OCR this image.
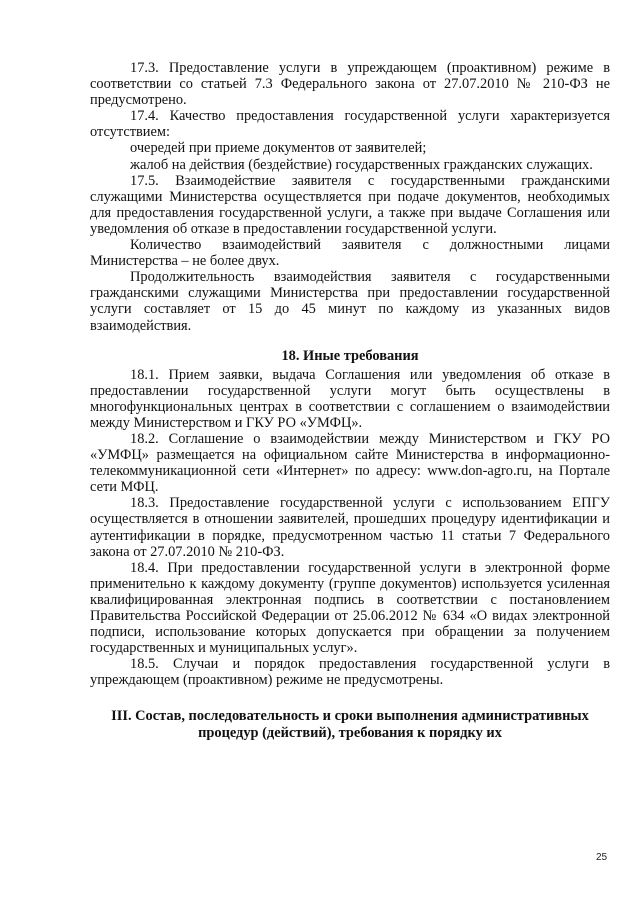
17.3. Предоставление услуги в упреждающем (проактивном) режиме в соответствии со статьей 7.3 Федерального закона от 27.07.2010 № 210-ФЗ не предусмотрено.

17.4. Качество предоставления государственной услуги характеризуется отсутствием:

очередей при приеме документов от заявителей;

жалоб на действия (бездействие) государственных гражданских служащих.

17.5. Взаимодействие заявителя с государственными гражданскими служащими Министерства осуществляется при подаче документов, необходимых для предоставления государственной услуги, а также при выдаче Соглашения или уведомления об отказе в предоставлении государственной услуги.

Количество взаимодействий заявителя с должностными лицами Министерства – не более двух.

Продолжительность взаимодействия заявителя с государственными гражданскими служащими Министерства при предоставлении государственной услуги составляет от 15 до 45 минут по каждому из указанных видов взаимодействия.

18. Иные требования

18.1. Прием заявки, выдача Соглашения или уведомления об отказе в предоставлении государственной услуги могут быть осуществлены в многофункциональных центрах в соответствии с соглашением о взаимодействии между Министерством и ГКУ РО «УМФЦ».

18.2. Соглашение о взаимодействии между Министерством и ГКУ РО «УМФЦ» размещается на официальном сайте Министерства в информационно-телекоммуникационной сети «Интернет» по адресу: www.don-agro.ru, на Портале сети МФЦ.

18.3. Предоставление государственной услуги с использованием ЕПГУ осуществляется в отношении заявителей, прошедших процедуру идентификации и аутентификации в порядке, предусмотренном частью 11 статьи 7 Федерального закона от 27.07.2010 № 210-ФЗ.

18.4. При предоставлении государственной услуги в электронной форме применительно к каждому документу (группе документов) используется усиленная квалифицированная электронная подпись в соответствии с постановлением Правительства Российской Федерации от 25.06.2012 № 634 «О видах электронной подписи, использование которых допускается при обращении за получением государственных и муниципальных услуг».

18.5. Случаи и порядок предоставления государственной услуги в упреждающем (проактивном) режиме не предусмотрены.

III. Состав, последовательность и сроки выполнения административных процедур (действий), требования к порядку их
25
